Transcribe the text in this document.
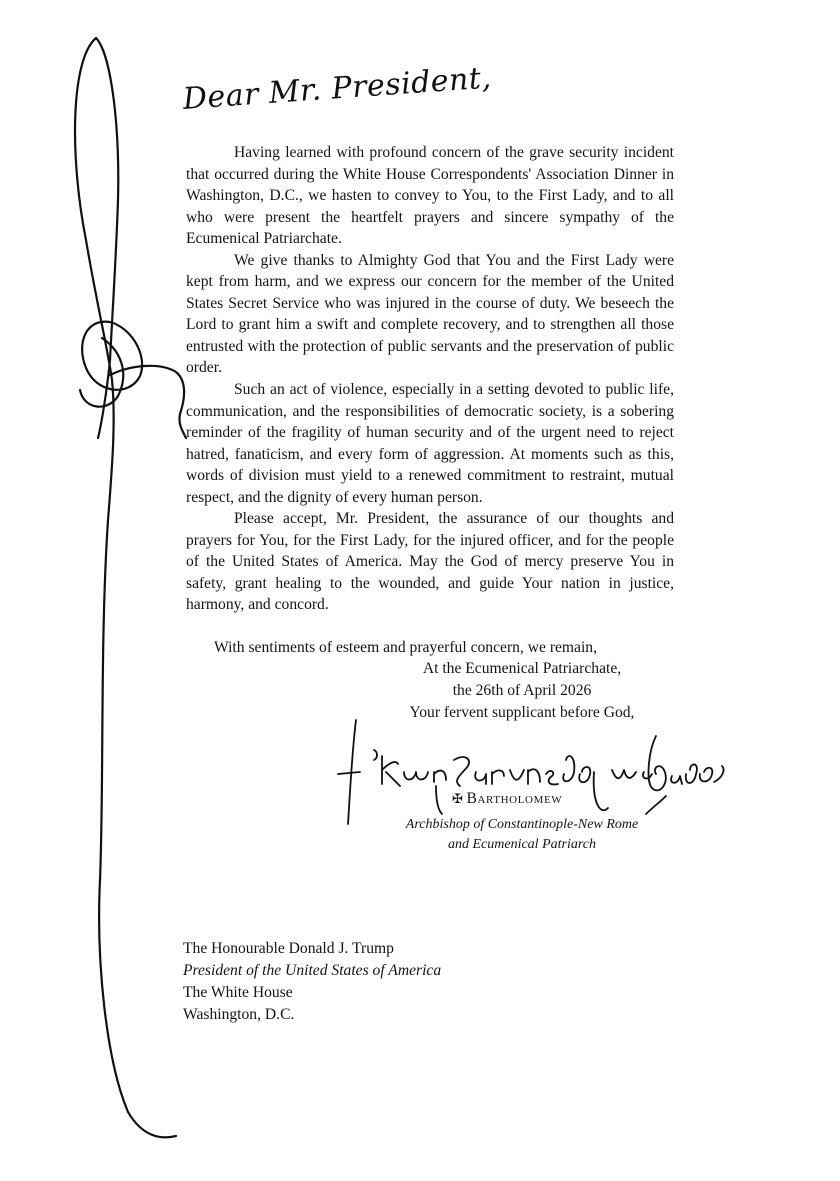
Dear Mr. President,

Having learned with profound concern of the grave security incident that occurred during the White House Correspondents' Association Dinner in Washington, D.C., we hasten to convey to You, to the First Lady, and to all who were present the heartfelt prayers and sincere sympathy of the Ecumenical Patriarchate.

We give thanks to Almighty God that You and the First Lady were kept from harm, and we express our concern for the member of the United States Secret Service who was injured in the course of duty. We beseech the Lord to grant him a swift and complete recovery, and to strengthen all those entrusted with the protection of public servants and the preservation of public order.

Such an act of violence, especially in a setting devoted to public life, communication, and the responsibilities of democratic society, is a sobering reminder of the fragility of human security and of the urgent need to reject hatred, fanaticism, and every form of aggression. At moments such as this, words of division must yield to a renewed commitment to restraint, mutual respect, and the dignity of every human person.

Please accept, Mr. President, the assurance of our thoughts and prayers for You, for the First Lady, for the injured officer, and for the people of the United States of America. May the God of mercy preserve You in safety, grant healing to the wounded, and guide Your nation in justice, harmony, and concord.

With sentiments of esteem and prayerful concern, we remain,
At the Ecumenical Patriarchate,
the 26th of April 2026
Your fervent supplicant before God,
✠ Bartholomew
Archbishop of Constantinople-New Rome
and Ecumenical Patriarch
The Honourable Donald J. Trump
President of the United States of America
The White House
Washington, D.C.
